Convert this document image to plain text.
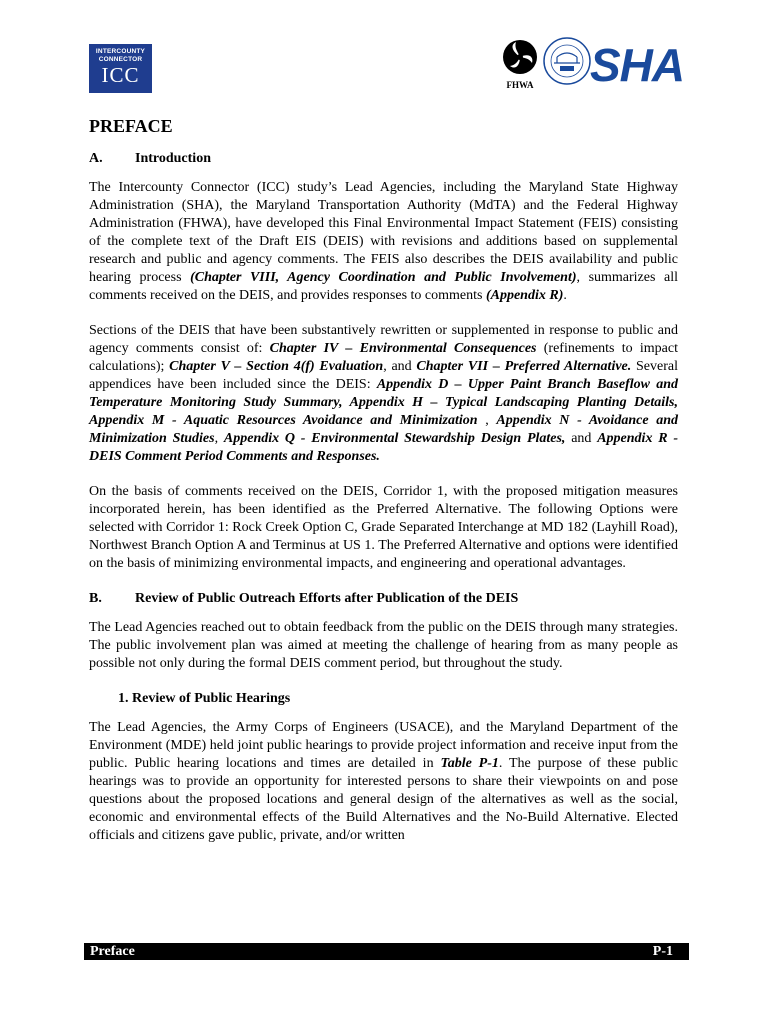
INTERCOUNTY
CONNECTOR
ICC	FHWA SHA
PREFACE
A.	Introduction

The Intercounty Connector (ICC) study’s Lead Agencies, including the Maryland State Highway Administration (SHA), the Maryland Transportation Authority (MdTA) and the Federal Highway Administration (FHWA), have developed this Final Environmental Impact Statement (FEIS) consisting of the complete text of the Draft EIS (DEIS) with revisions and additions based on supplemental research and public and agency comments. The FEIS also describes the DEIS availability and public hearing process (Chapter VIII, Agency Coordination and Public Involvement), summarizes all comments received on the DEIS, and provides responses to comments (Appendix R).

Sections of the DEIS that have been substantively rewritten or supplemented in response to public and agency comments consist of: Chapter IV – Environmental Consequences (refinements to impact calculations); Chapter V – Section 4(f) Evaluation, and Chapter VII – Preferred Alternative. Several appendices have been included since the DEIS: Appendix D – Upper Paint Branch Baseflow and Temperature Monitoring Study Summary, Appendix H – Typical Landscaping Planting Details, Appendix M - Aquatic Resources Avoidance and Minimization , Appendix N - Avoidance and Minimization Studies, Appendix Q - Environmental Stewardship Design Plates, and Appendix R - DEIS Comment Period Comments and Responses.

On the basis of comments received on the DEIS, Corridor 1, with the proposed mitigation measures incorporated herein, has been identified as the Preferred Alternative. The following Options were selected with Corridor 1: Rock Creek Option C, Grade Separated Interchange at MD 182 (Layhill Road), Northwest Branch Option A and Terminus at US 1. The Preferred Alternative and options were identified on the basis of minimizing environmental impacts, and engineering and operational advantages.

B.	Review of Public Outreach Efforts after Publication of the DEIS

The Lead Agencies reached out to obtain feedback from the public on the DEIS through many strategies. The public involvement plan was aimed at meeting the challenge of hearing from as many people as possible not only during the formal DEIS comment period, but throughout the study.

1. Review of Public Hearings

The Lead Agencies, the Army Corps of Engineers (USACE), and the Maryland Department of the Environment (MDE) held joint public hearings to provide project information and receive input from the public. Public hearing locations and times are detailed in Table P-1. The purpose of these public hearings was to provide an opportunity for interested persons to share their viewpoints on and pose questions about the proposed locations and general design of the alternatives as well as the social, economic and environmental effects of the Build Alternatives and the No-Build Alternative. Elected officials and citizens gave public, private, and/or written

Preface	P-1
